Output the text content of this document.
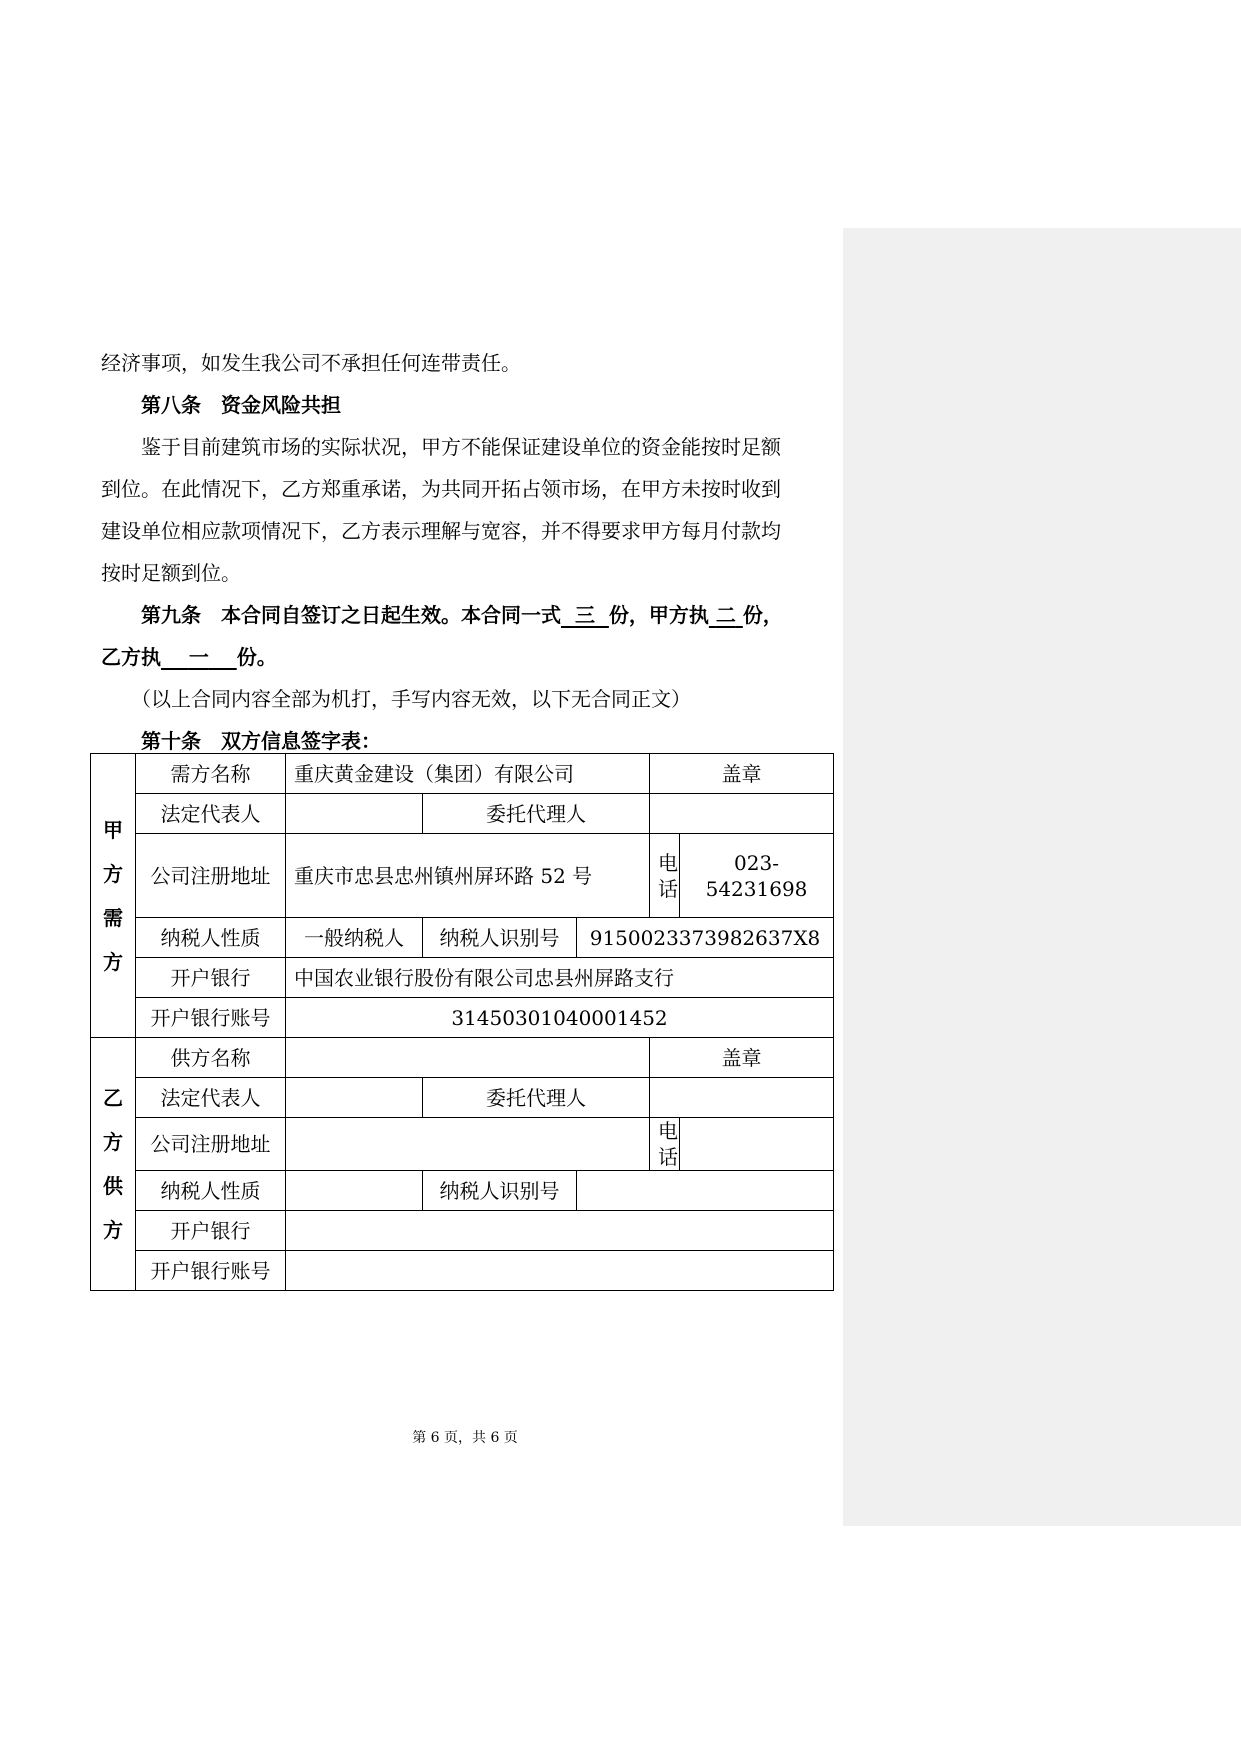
经济事项，如发生我公司不承担任何连带责任。

　　第八条　资金风险共担

　　鉴于目前建筑市场的实际状况，甲方不能保证建设单位的资金能按时足额

到位。在此情况下，乙方郑重承诺，为共同开拓占领市场，在甲方未按时收到

建设单位相应款项情况下，乙方表示理解与宽容，并不得要求甲方每月付款均

按时足额到位。

　　第九条　本合同自签订之日起生效。本合同一式 三 份，甲方执 二 份，

乙方执 一 份。

　　（以上合同内容全部为机打，手写内容无效，以下无合同正文）

　　第十条　双方信息签字表：

甲
方
需
方	需方名称	重庆黄金建设（集团）有限公司			盖章	
	法定代表人		委托代理人			
	公司注册地址	重庆市忠县忠州镇州屏环路 52 号			电话	023-54231698
	纳税人性质	一般纳税人	纳税人识别号	9150023373982637X8		
	开户银行	中国农业银行股份有限公司忠县州屏路支行				
	开户银行账号	31450301040001452				

乙
方
供
方	供方名称				盖章	
	法定代表人		委托代理人			
	公司注册地址				电话	
	纳税人性质		纳税人识别号			
	开户银行					
	开户银行账号					
第 6 页，共 6 页
